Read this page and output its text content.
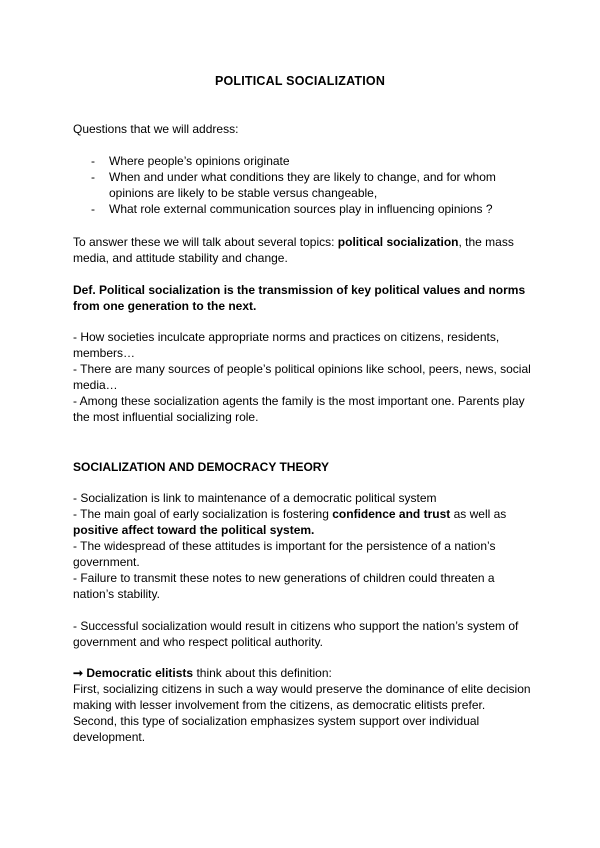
POLITICAL SOCIALIZATION
Questions that we will address:
- Where people’s opinions originate
- When and under what conditions they are likely to change, and for whom opinions are likely to be stable versus changeable,
- What role external communication sources play in influencing opinions ?

To answer these we will talk about several topics: political socialization, the mass media, and attitude stability and change.

Def. Political socialization is the transmission of key political values and norms from one generation to the next.

- How societies inculcate appropriate norms and practices on citizens, residents, members…

- There are many sources of people’s political opinions like school, peers, news, social media…

- Among these socialization agents the family is the most important one. Parents play the most influential socializing role.

SOCIALIZATION AND DEMOCRACY THEORY

- Socialization is link to maintenance of a democratic political system

- The main goal of early socialization is fostering confidence and trust as well as positive affect toward the political system.

- The widespread of these attitudes is important for the persistence of a nation’s government.

- Failure to transmit these notes to new generations of children could threaten a nation’s stability.

- Successful socialization would result in citizens who support the nation’s system of government and who respect political authority.

➞ Democratic elitists think about this definition:

First, socializing citizens in such a way would preserve the dominance of elite decision making with lesser involvement from the citizens, as democratic elitists prefer.

Second, this type of socialization emphasizes system support over individual development.
